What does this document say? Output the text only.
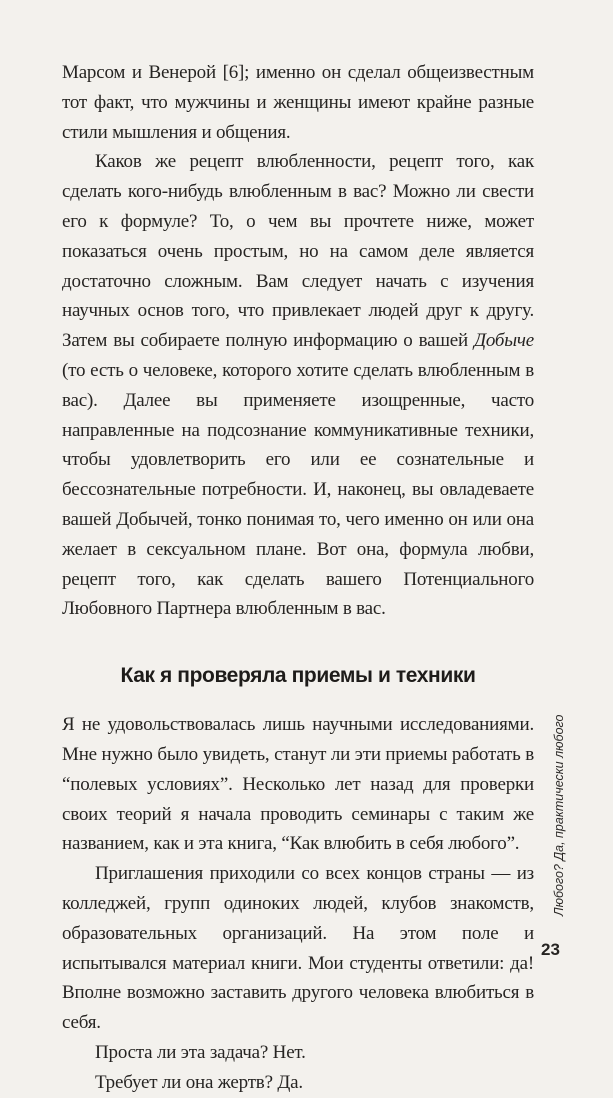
Марсом и Венерой [6]; именно он сделал общеизвестным тот факт, что мужчины и женщины имеют крайне разные стили мышления и общения.

Каков же рецепт влюбленности, рецепт того, как сделать кого-нибудь влюбленным в вас? Можно ли свести его к формуле? То, о чем вы прочтете ниже, может показаться очень простым, но на самом деле является достаточно сложным. Вам следует начать с изучения научных основ того, что привлекает людей друг к другу. Затем вы собираете полную информацию о вашей Добыче (то есть о человеке, которого хотите сделать влюбленным в вас). Далее вы применяете изощренные, часто направленные на подсознание коммуникативные техники, чтобы удовлетворить его или ее сознательные и бессознательные потребности. И, наконец, вы овладеваете вашей Добычей, тонко понимая то, чего именно он или она желает в сексуальном плане. Вот она, формула любви, рецепт того, как сделать вашего Потенциального Любовного Партнера влюбленным в вас.

Как я проверяла приемы и техники

Я не удовольствовалась лишь научными исследованиями. Мне нужно было увидеть, станут ли эти приемы работать в “полевых условиях”. Несколько лет назад для проверки своих теорий я начала проводить семинары с таким же названием, как и эта книга, “Как влюбить в себя любого”.

Приглашения приходили со всех концов страны — из колледжей, групп одиноких людей, клубов знакомств, образовательных организаций. На этом поле и испытывался материал книги. Мои студенты ответили: да! Вполне возможно заставить другого человека влюбиться в себя.

Проста ли эта задача? Нет.

Требует ли она жертв? Да.

Любого? Да, практически любого
23
